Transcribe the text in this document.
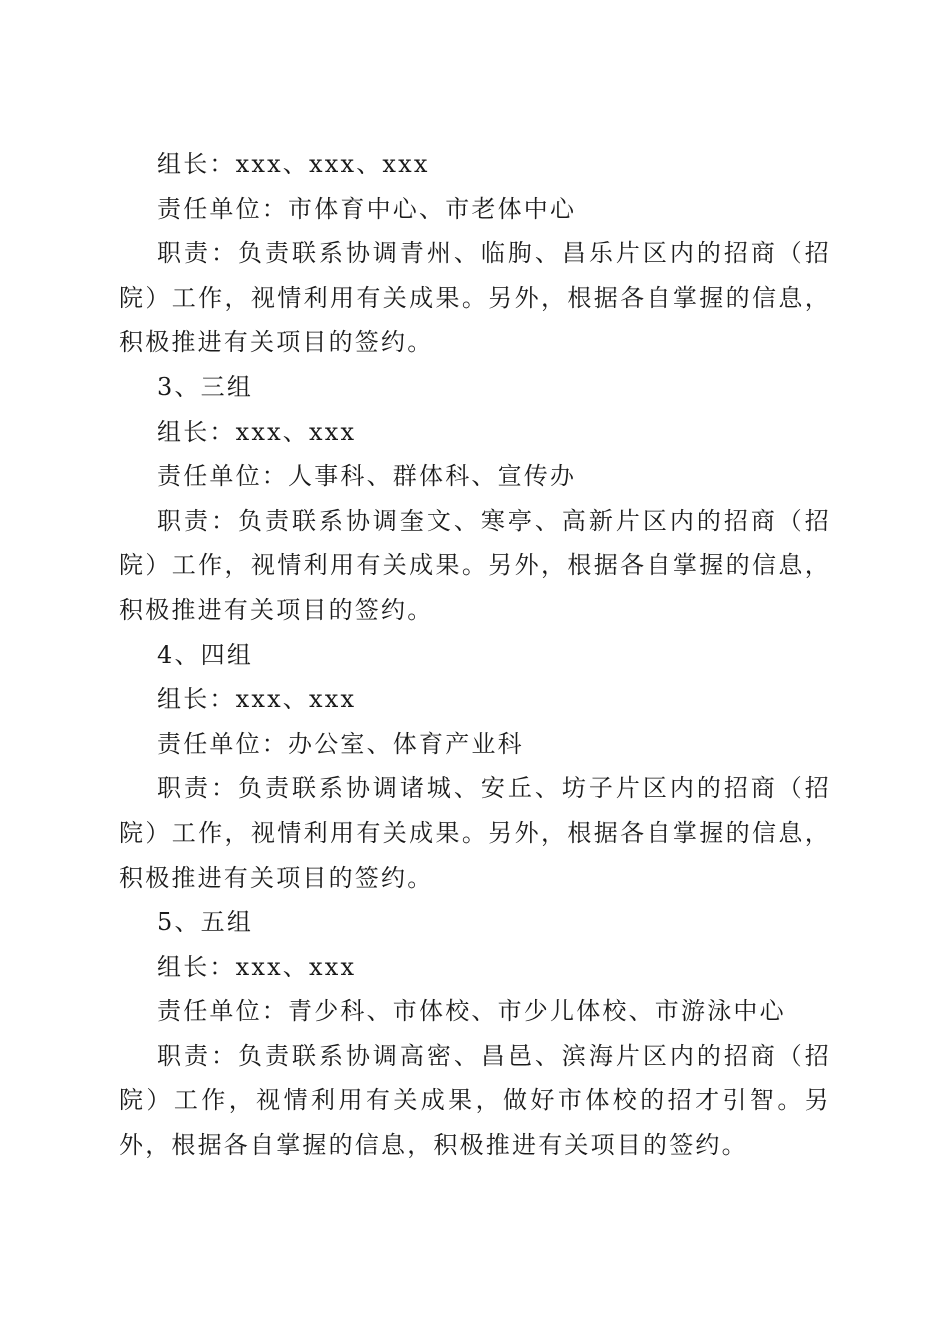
组长：xxx、xxx、xxx

责任单位：市体育中心、市老体中心

职责：负责联系协调青州、临朐、昌乐片区内的招商（招院）工作，视情利用有关成果。另外，根据各自掌握的信息，积极推进有关项目的签约。

3、三组

组长：xxx、xxx

责任单位：人事科、群体科、宣传办

职责：负责联系协调奎文、寒亭、高新片区内的招商（招院）工作，视情利用有关成果。另外，根据各自掌握的信息，积极推进有关项目的签约。

4、四组

组长：xxx、xxx

责任单位：办公室、体育产业科

职责：负责联系协调诸城、安丘、坊子片区内的招商（招院）工作，视情利用有关成果。另外，根据各自掌握的信息，积极推进有关项目的签约。

5、五组

组长：xxx、xxx

责任单位：青少科、市体校、市少儿体校、市游泳中心

职责：负责联系协调高密、昌邑、滨海片区内的招商（招院）工作，视情利用有关成果，做好市体校的招才引智。另外，根据各自掌握的信息，积极推进有关项目的签约。
